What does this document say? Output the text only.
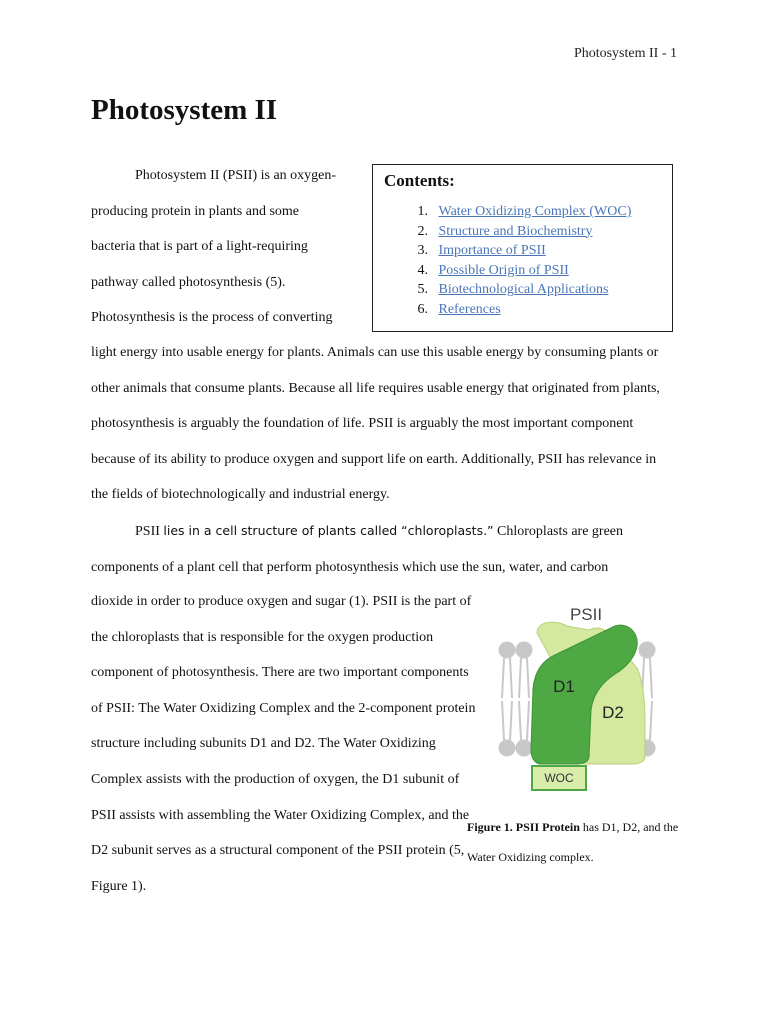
Photosystem II - 1
Photosystem II

Photosystem II (PSII) is an oxygen-
producing protein in plants and some
bacteria that is part of a light-requiring
pathway called photosynthesis (5).
Photosynthesis is the process of converting

Contents:
1.
Water Oxidizing Complex (WOC)
2.
Structure and Biochemistry
3.
Importance of PSII
4.
Possible Origin of PSII
5.
Biotechnological Applications
6.
References

light energy into usable energy for plants. Animals can use this usable energy by consuming plants or other animals that consume plants. Because all life requires usable energy that originated from plants, photosynthesis is arguably the foundation of life. PSII is arguably the most important component because of its ability to produce oxygen and support life on earth. Additionally, PSII has relevance in the fields of biotechnologically and industrial energy.

PSII lies in a cell structure of plants called “chloroplasts.” Chloroplasts are green components of a plant cell that perform photosynthesis which use the sun, water, and carbon

dioxide in order to produce oxygen and sugar (1). PSII is the part of the chloroplasts that is responsible for the oxygen production component of photosynthesis. There are two important components of PSII: The Water Oxidizing Complex and the 2-component protein structure including subunits D1 and D2. The Water Oxidizing Complex assists with the production of oxygen, the D1 subunit of PSII assists with assembling the Water Oxidizing Complex, and the D2 subunit serves as a structural component of the PSII protein (5, Figure 1).

WOC
PSII
D1
D2

Figure 1. PSII Protein has D1, D2, and the Water Oxidizing complex.
